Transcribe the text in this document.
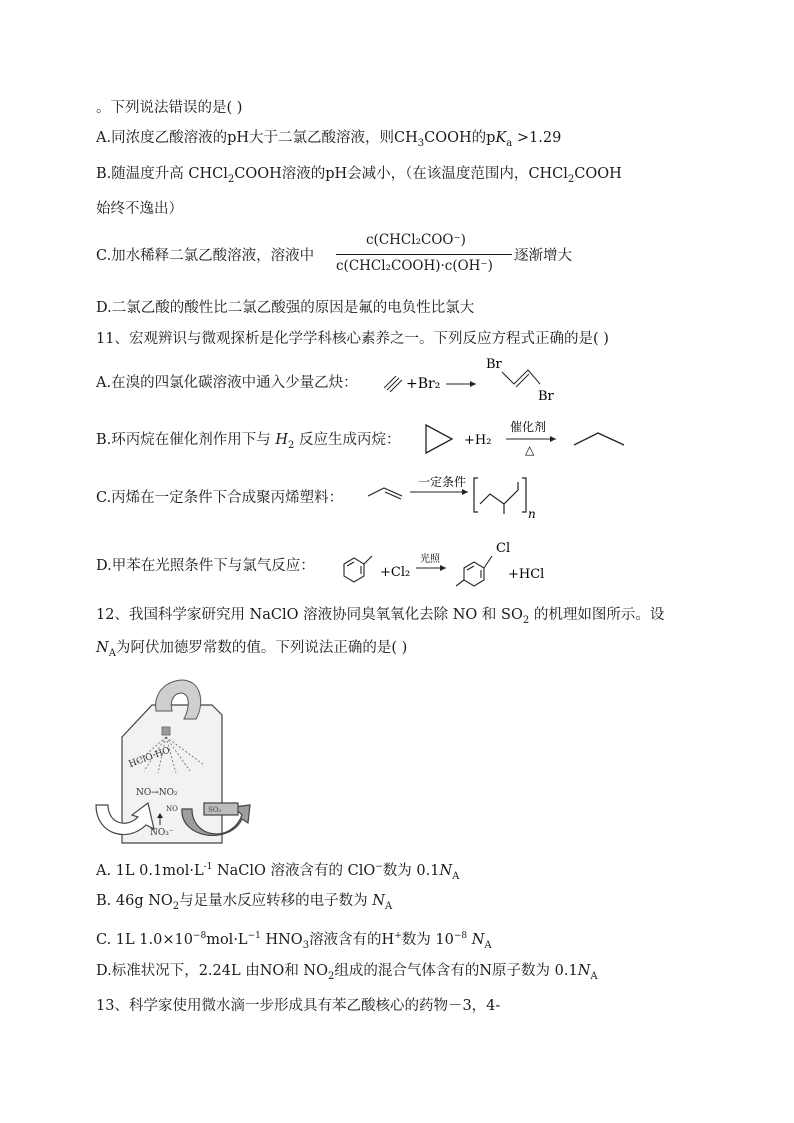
。下列说法错误的是( )
A.同浓度乙酸溶液的pH大于二氯乙酸溶液，则$CH_3COOH$的$pK_a >1.29$
B.随温度升高 CHCl$_2$COOH溶液的pH会减小，（在该温度范围内，CHCl$_2$COOH
始终不逸出）
C.加水稀释二氯乙酸溶液，溶液中
c(CHCl₂COO⁻)
c(CHCl₂COOH)·c(OH⁻)
逐渐增大
D.二氯乙酸的酸性比二氯乙酸强的原因是氟的电负性比氯大
11、宏观辨识与微观探析是化学学科核心素养之一。下列反应方程式正确的是( )
A.在溴的四氯化碳溶液中通入少量乙炔：	+Br₂
Br
Br
B.环丙烷在催化剂作用下与 $H_2$ 反应生成丙烷：	+H₂
催化剂
△
C.丙烯在一定条件下合成聚丙烯塑料：
一定条件
n
D.甲苯在光照条件下与氯气反应：	+Cl₂
光照
Cl
+HCl
12、我国科学家研究用 NaClO 溶液协同臭氧氧化去除 NO 和 $SO_2$ 的机理如图所示。设
$N_A$为阿伏加德罗常数的值。下列说法正确的是( )
HClO·HO
NO→NO₂
SO₂
NO
NO₃⁻
A. 1L $0.1mol\cdot L^{-1}$ NaClO 溶液含有的 ClO−数为 $0.1N_A$
B. 46g $NO_2$与足量水反应转移的电子数为 $N_A$
C. 1L $1.0\times 10^{-8}mol\cdot L^{-1}$ $HNO_3$溶液含有的H+数为 $10^{-8}$ $N_A$
D.标准状况下，2.24L 由NO和 $NO_2$组成的混合气体含有的N原子数为 $0.1N_A$
13、科学家使用微水滴一步形成具有苯乙酸核心的药物－3，4-
